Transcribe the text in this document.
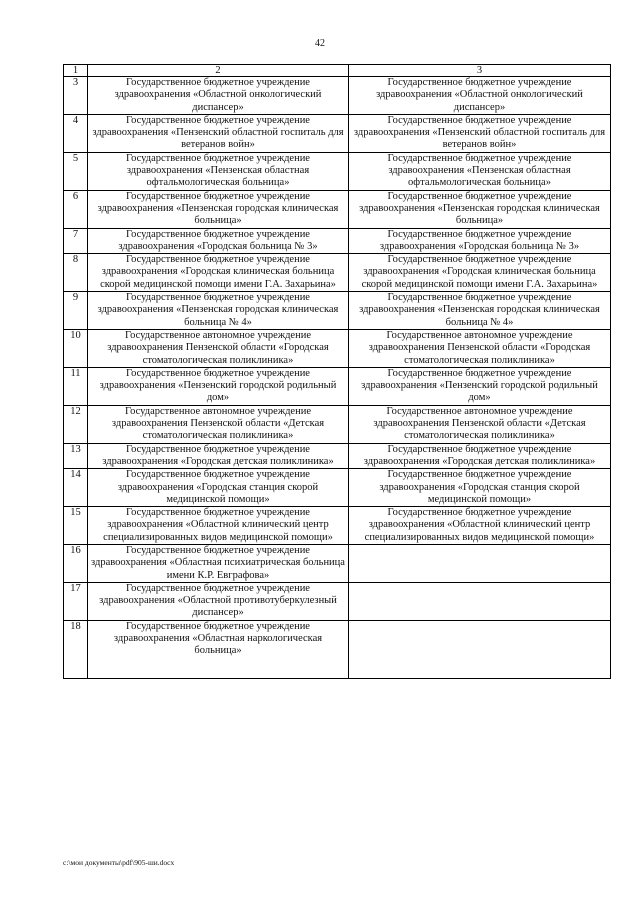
42
1	2	3
3	Государственное бюджетное учреждение здравоохранения «Областной онкологический диспансер»	Государственное бюджетное учреждение здравоохранения «Областной онкологический диспансер»
4	Государственное бюджетное учреждение здравоохранения «Пензенский областной госпиталь для ветеранов войн»	Государственное бюджетное учреждение здравоохранения «Пензенский областной госпиталь для ветеранов войн»
5	Государственное бюджетное учреждение здравоохранения «Пензенская областная офтальмологическая больница»	Государственное бюджетное учреждение здравоохранения «Пензенская областная офтальмологическая больница»
6	Государственное бюджетное учреждение здравоохранения «Пензенская городская клиническая больница»	Государственное бюджетное учреждение здравоохранения «Пензенская городская клиническая больница»
7	Государственное бюджетное учреждение здравоохранения «Городская больница № 3»	Государственное бюджетное учреждение здравоохранения «Городская больница № 3»
8	Государственное бюджетное учреждение здравоохранения «Городская клиническая больница скорой медицинской помощи имени Г.А. Захарьина»	Государственное бюджетное учреждение здравоохранения «Городская клиническая больница скорой медицинской помощи имени Г.А. Захарьина»
9	Государственное бюджетное учреждение здравоохранения «Пензенская городская клиническая больница № 4»	Государственное бюджетное учреждение здравоохранения «Пензенская городская клиническая больница № 4»
10	Государственное автономное учреждение здравоохранения Пензенской области «Городская стоматологическая поликлиника»	Государственное автономное учреждение здравоохранения Пензенской области «Городская стоматологическая поликлиника»
11	Государственное бюджетное учреждение здравоохранения «Пензенский городской родильный дом»	Государственное бюджетное учреждение здравоохранения «Пензенский городской родильный дом»
12	Государственное автономное учреждение здравоохранения Пензенской области «Детская стоматологическая поликлиника»	Государственное автономное учреждение здравоохранения Пензенской области «Детская стоматологическая поликлиника»
13	Государственное бюджетное учреждение здравоохранения «Городская детская поликлиника»	Государственное бюджетное учреждение здравоохранения «Городская детская поликлиника»
14	Государственное бюджетное учреждение здравоохранения «Городская станция скорой медицинской помощи»	Государственное бюджетное учреждение здравоохранения «Городская станция скорой медицинской помощи»
15	Государственное бюджетное учреждение здравоохранения «Областной клинический центр специализированных видов медицинской помощи»	Государственное бюджетное учреждение здравоохранения «Областной клинический центр специализированных видов медицинской помощи»
16	Государственное бюджетное учреждение здравоохранения «Областная психиатрическая больница имени К.Р. Евграфова»	
17	Государственное бюджетное учреждение здравоохранения «Областной противотуберкулезный диспансер»	
18	Государственное бюджетное учреждение здравоохранения «Областная наркологическая больница»	
c:\мои документы\pdf\905-ши.docx
